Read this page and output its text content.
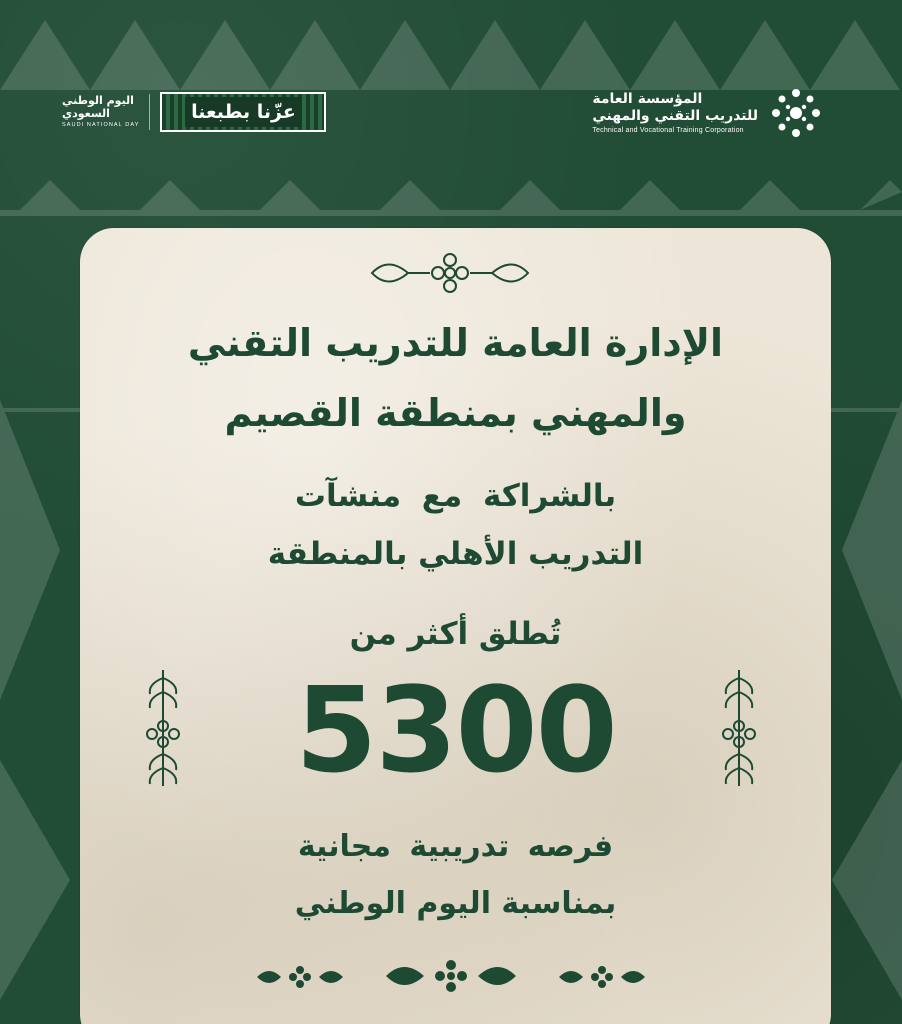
المؤسسة العامة
للتدريب التقني والمهني
Technical and Vocational Training Corporation
اليوم الوطني
السعودي
SAUDI NATIONAL DAY
عزّنا بطبعنا
الإدارة العامة للتدريب التقني
والمهني بمنطقة القصيم
بالشراكة مع منشآت
التدريب الأهلي بالمنطقة
تُطلق أكثر من
5300
فرصه تدريبية مجانية
بمناسبة اليوم الوطني
